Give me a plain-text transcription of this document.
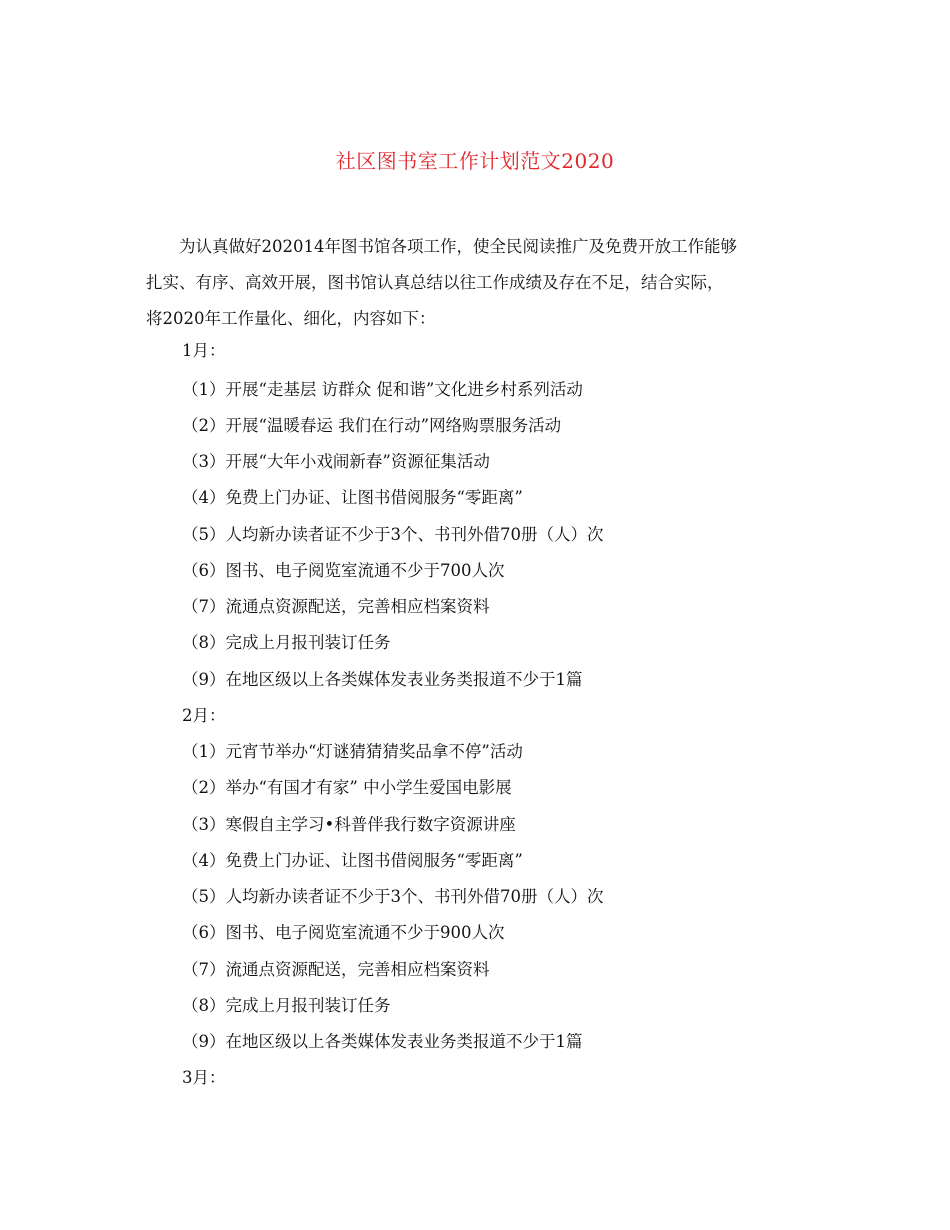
社区图书室工作计划范文2020
为认真做好202014年图书馆各项工作，使全民阅读推广及免费开放工作能够
扎实、有序、高效开展，图书馆认真总结以往工作成绩及存在不足，结合实际，
将2020年工作量化、细化，内容如下：
1月：
（1）开展“走基层 访群众 促和谐”文化进乡村系列活动
（2）开展“温暖春运 我们在行动”网络购票服务活动
（3）开展“大年小戏闹新春”资源征集活动
（4）免费上门办证、让图书借阅服务“零距离”
（5）人均新办读者证不少于3个、书刊外借70册（人）次
（6）图书、电子阅览室流通不少于700人次
（7）流通点资源配送，完善相应档案资料
（8）完成上月报刊装订任务
（9）在地区级以上各类媒体发表业务类报道不少于1篇
2月：
（1）元宵节举办“灯谜猜猜猜奖品拿不停”活动
（2）举办“有国才有家” 中小学生爱国电影展
（3）寒假自主学习•科普伴我行数字资源讲座
（4）免费上门办证、让图书借阅服务“零距离”
（5）人均新办读者证不少于3个、书刊外借70册（人）次
（6）图书、电子阅览室流通不少于900人次
（7）流通点资源配送，完善相应档案资料
（8）完成上月报刊装订任务
（9）在地区级以上各类媒体发表业务类报道不少于1篇
3月：
